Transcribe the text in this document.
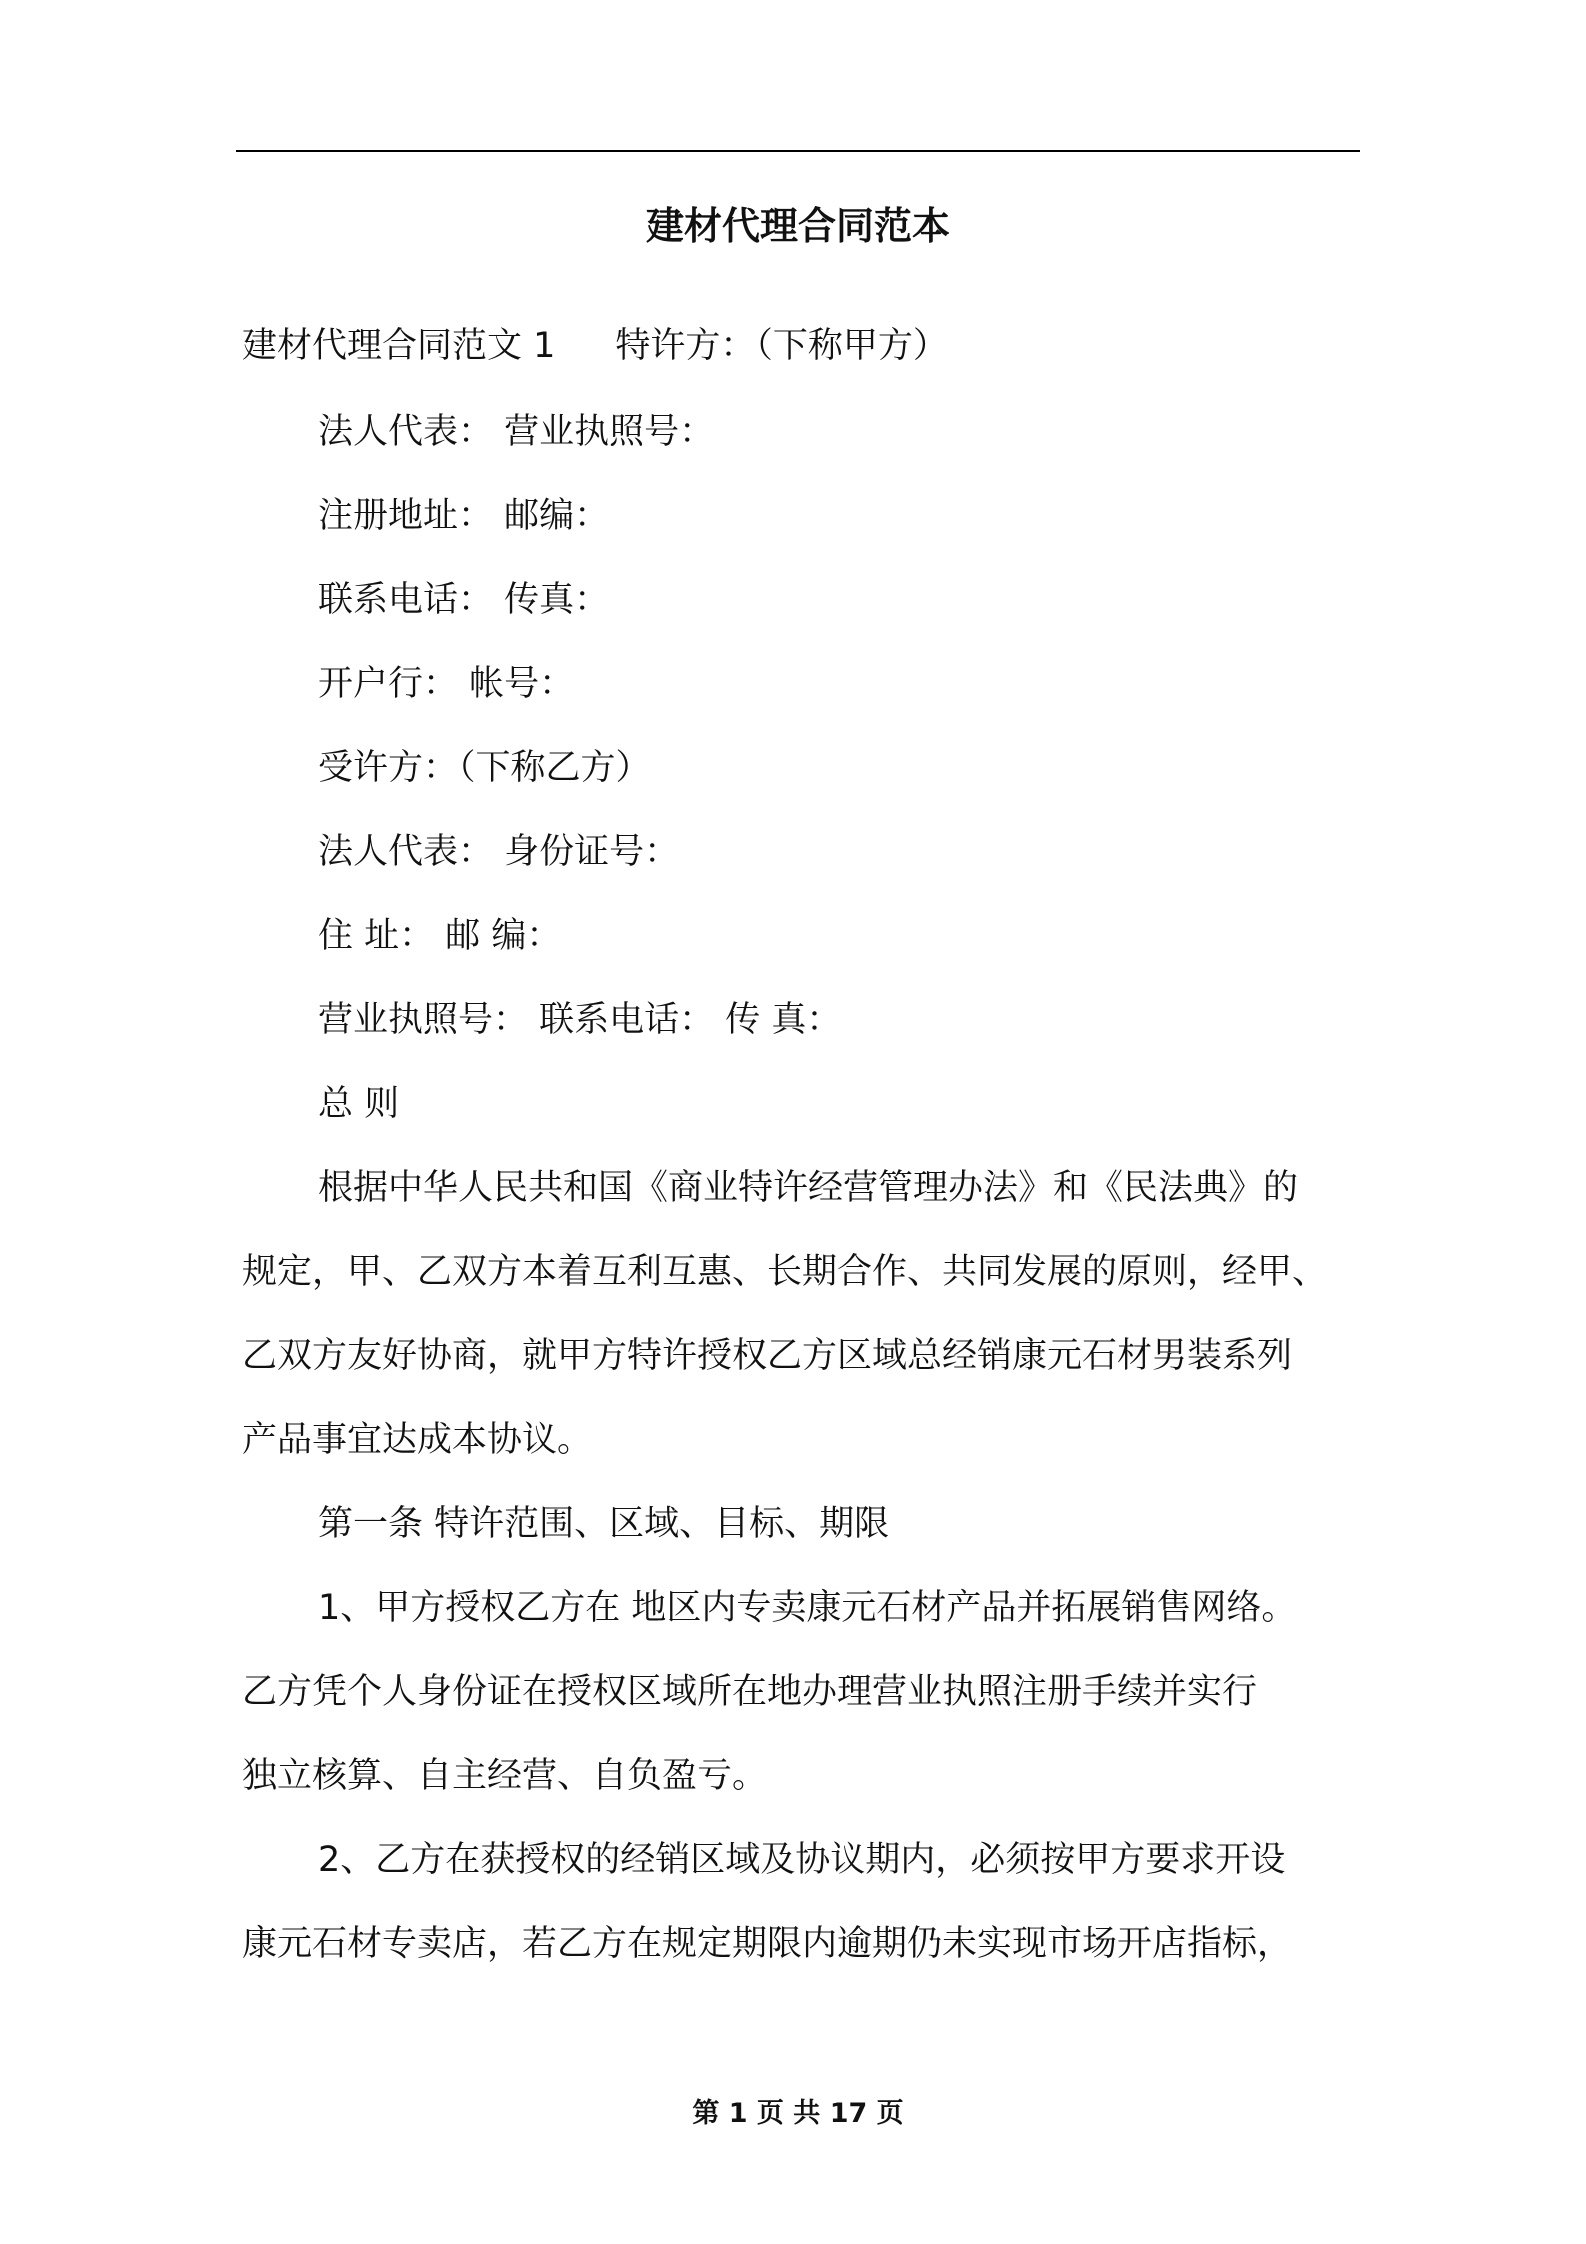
建材代理合同范本
建材代理合同范文 1 特许方：（下称甲方）
法人代表： 营业执照号：
注册地址： 邮编：
联系电话： 传真：
开户行： 帐号：
受许方：（下称乙方）
法人代表： 身份证号：
住 址： 邮 编：
营业执照号： 联系电话： 传 真：
总 则
根据中华人民共和国《商业特许经营管理办法》和《民法典》的
规定，甲、乙双方本着互利互惠、长期合作、共同发展的原则，经甲、
乙双方友好协商，就甲方特许授权乙方区域总经销康元石材男装系列
产品事宜达成本协议。
第一条 特许范围、区域、目标、期限
1、甲方授权乙方在 地区内专卖康元石材产品并拓展销售网络。
乙方凭个人身份证在授权区域所在地办理营业执照注册手续并实行
独立核算、自主经营、自负盈亏。
2、乙方在获授权的经销区域及协议期内，必须按甲方要求开设
康元石材专卖店，若乙方在规定期限内逾期仍未实现市场开店指标，
第 1 页 共 17 页
